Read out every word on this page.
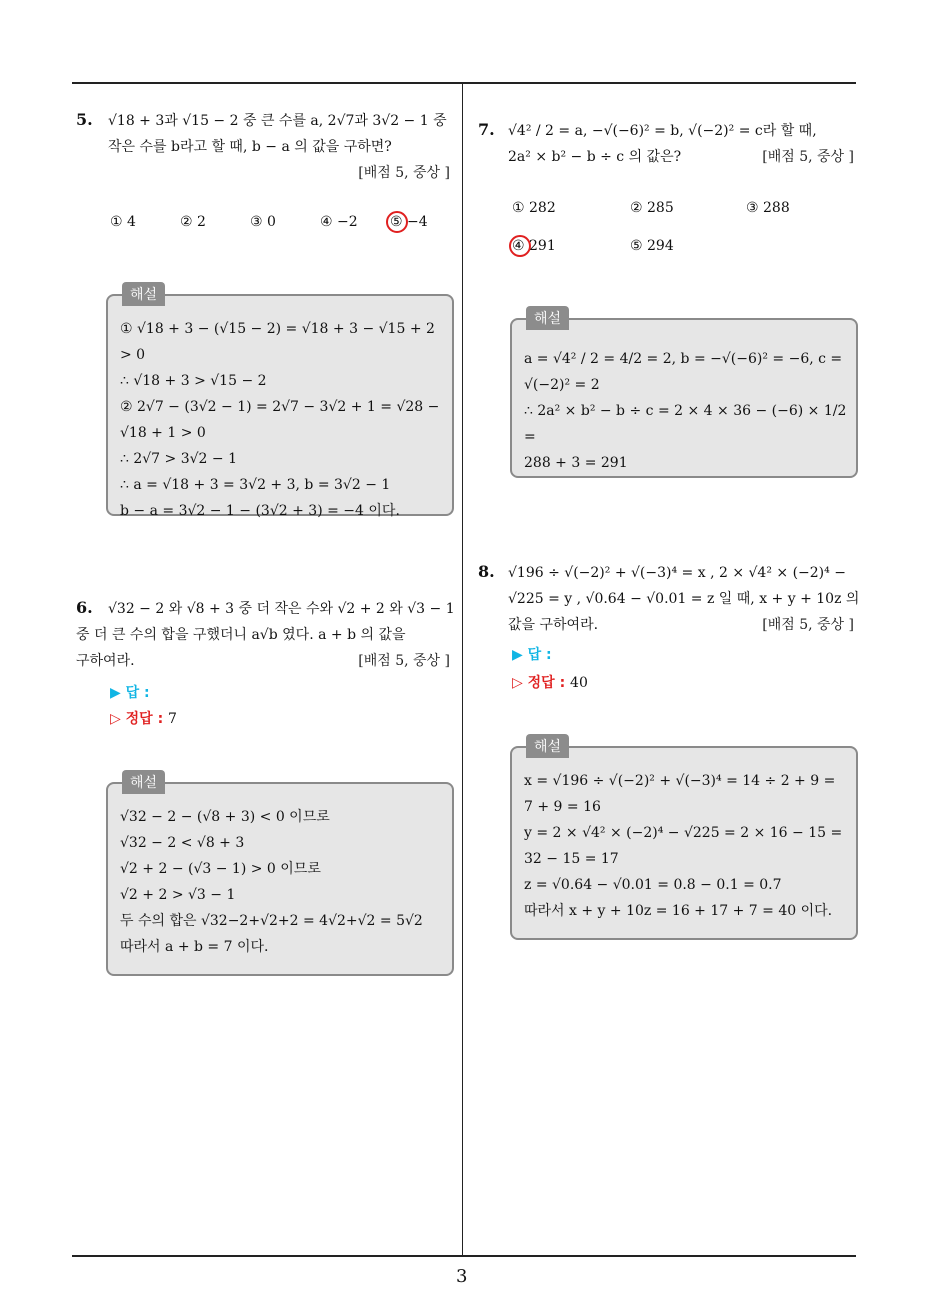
3
5. √18 + 3과 √15 − 2 중 큰 수를 a, 2√7과 3√2 − 1 중
작은 수를 b라고 할 때, b − a 의 값을 구하면?
[배점 5, 중상 ]
① 4	② 2	③ 0	④ −2 ⑤ −4
해설
① √18 + 3 − (√15 − 2) = √18 + 3 − √15 + 2 > 0
∴ √18 + 3 > √15 − 2
② 2√7 − (3√2 − 1) = 2√7 − 3√2 + 1 = √28 −
√18 + 1 > 0
∴ 2√7 > 3√2 − 1
∴ a = √18 + 3 = 3√2 + 3, b = 3√2 − 1
b − a = 3√2 − 1 − (3√2 + 3) = −4 이다.
6. √32 − 2 와 √8 + 3 중 더 작은 수와 √2 + 2 와 √3 − 1
중 더 큰 수의 합을 구했더니 a√b 였다. a + b 의 값을
구하여라.	[배점 5, 중상 ]
▶ 답 :
▷ 정답 : 7
해설
√32 − 2 − (√8 + 3) < 0 이므로
√32 − 2 < √8 + 3
√2 + 2 − (√3 − 1) > 0 이므로
√2 + 2 > √3 − 1
두 수의 합은 √32−2+√2+2 = 4√2+√2 = 5√2
따라서 a + b = 7 이다.
7. √4² / 2 = a, −√(−6)² = b, √(−2)² = c라 할 때,
2a² × b² − b ÷ c 의 값은?	[배점 5, 중상 ]
① 282	② 285	③ 288
④ 291	⑤ 294
해설
a = √4² / 2 = 4/2 = 2, b = −√(−6)² = −6, c =
√(−2)² = 2
∴ 2a² × b² − b ÷ c = 2 × 4 × 36 − (−6) × 1/2 =
288 + 3 = 291
8. √196 ÷ √(−2)² + √(−3)⁴ = x , 2 × √4² × (−2)⁴ −
√225 = y , √0.64 − √0.01 = z 일 때, x + y + 10z 의
값을 구하여라.	[배점 5, 중상 ]
▶ 답 :
▷ 정답 : 40
해설
x = √196 ÷ √(−2)² + √(−3)⁴ = 14 ÷ 2 + 9 =
7 + 9 = 16
y = 2 × √4² × (−2)⁴ − √225 = 2 × 16 − 15 =
32 − 15 = 17
z = √0.64 − √0.01 = 0.8 − 0.1 = 0.7
따라서 x + y + 10z = 16 + 17 + 7 = 40 이다.
